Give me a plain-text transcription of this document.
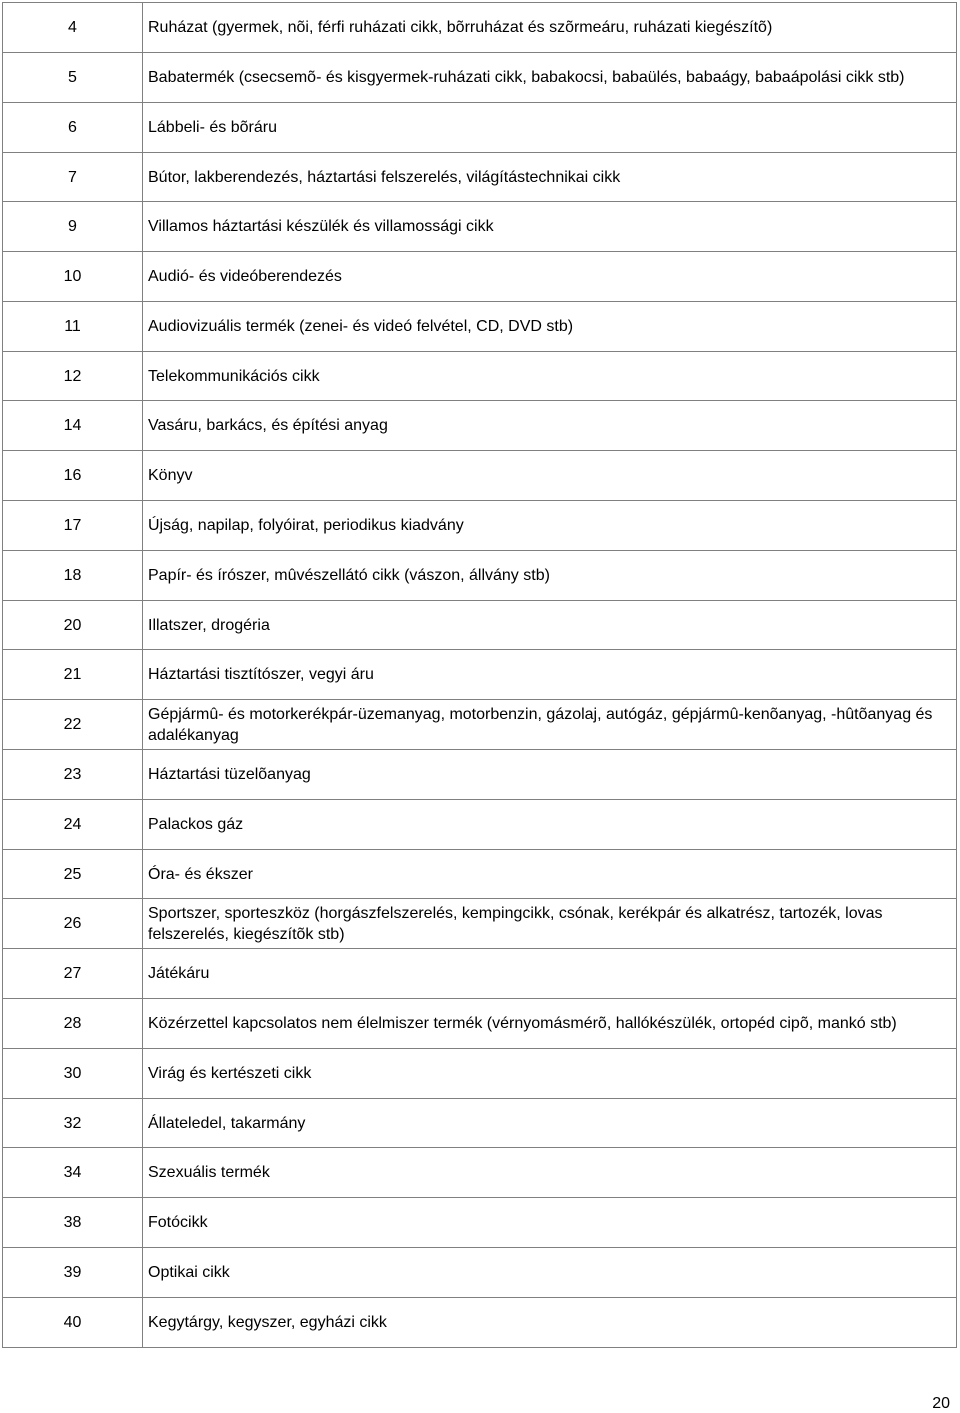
4	Ruházat (gyermek, nõi, férfi ruházati cikk, bõrruházat és szõrmeáru, ruházati kiegészítõ)
5	Babatermék (csecsemõ- és kisgyermek-ruházati cikk, babakocsi, babaülés, babaágy, babaápolási cikk stb)
6	Lábbeli- és bõráru
7	Bútor, lakberendezés, háztartási felszerelés, világítástechnikai cikk
9	Villamos háztartási készülék és villamossági cikk
10	Audió- és videóberendezés
11	Audiovizuális termék (zenei- és videó felvétel, CD, DVD stb)
12	Telekommunikációs cikk
14	Vasáru, barkács, és építési anyag
16	Könyv
17	Újság, napilap, folyóirat, periodikus kiadvány
18	Papír- és írószer, mûvészellátó cikk (vászon, állvány stb)
20	Illatszer, drogéria
21	Háztartási tisztítószer, vegyi áru
22	Gépjármû- és motorkerékpár-üzemanyag, motorbenzin, gázolaj, autógáz, gépjármû-kenõanyag, -hûtõanyag és adalékanyag
23	Háztartási tüzelõanyag
24	Palackos gáz
25	Óra- és ékszer
26	Sportszer, sporteszköz (horgászfelszerelés, kempingcikk, csónak, kerékpár és alkatrész, tartozék, lovas felszerelés, kiegészítõk stb)
27	Játékáru
28	Közérzettel kapcsolatos nem élelmiszer termék (vérnyomásmérõ, hallókészülék, ortopéd cipõ, mankó stb)
30	Virág és kertészeti cikk
32	Állateledel, takarmány
34	Szexuális termék
38	Fotócikk
39	Optikai cikk
40	Kegytárgy, kegyszer, egyházi cikk
20
